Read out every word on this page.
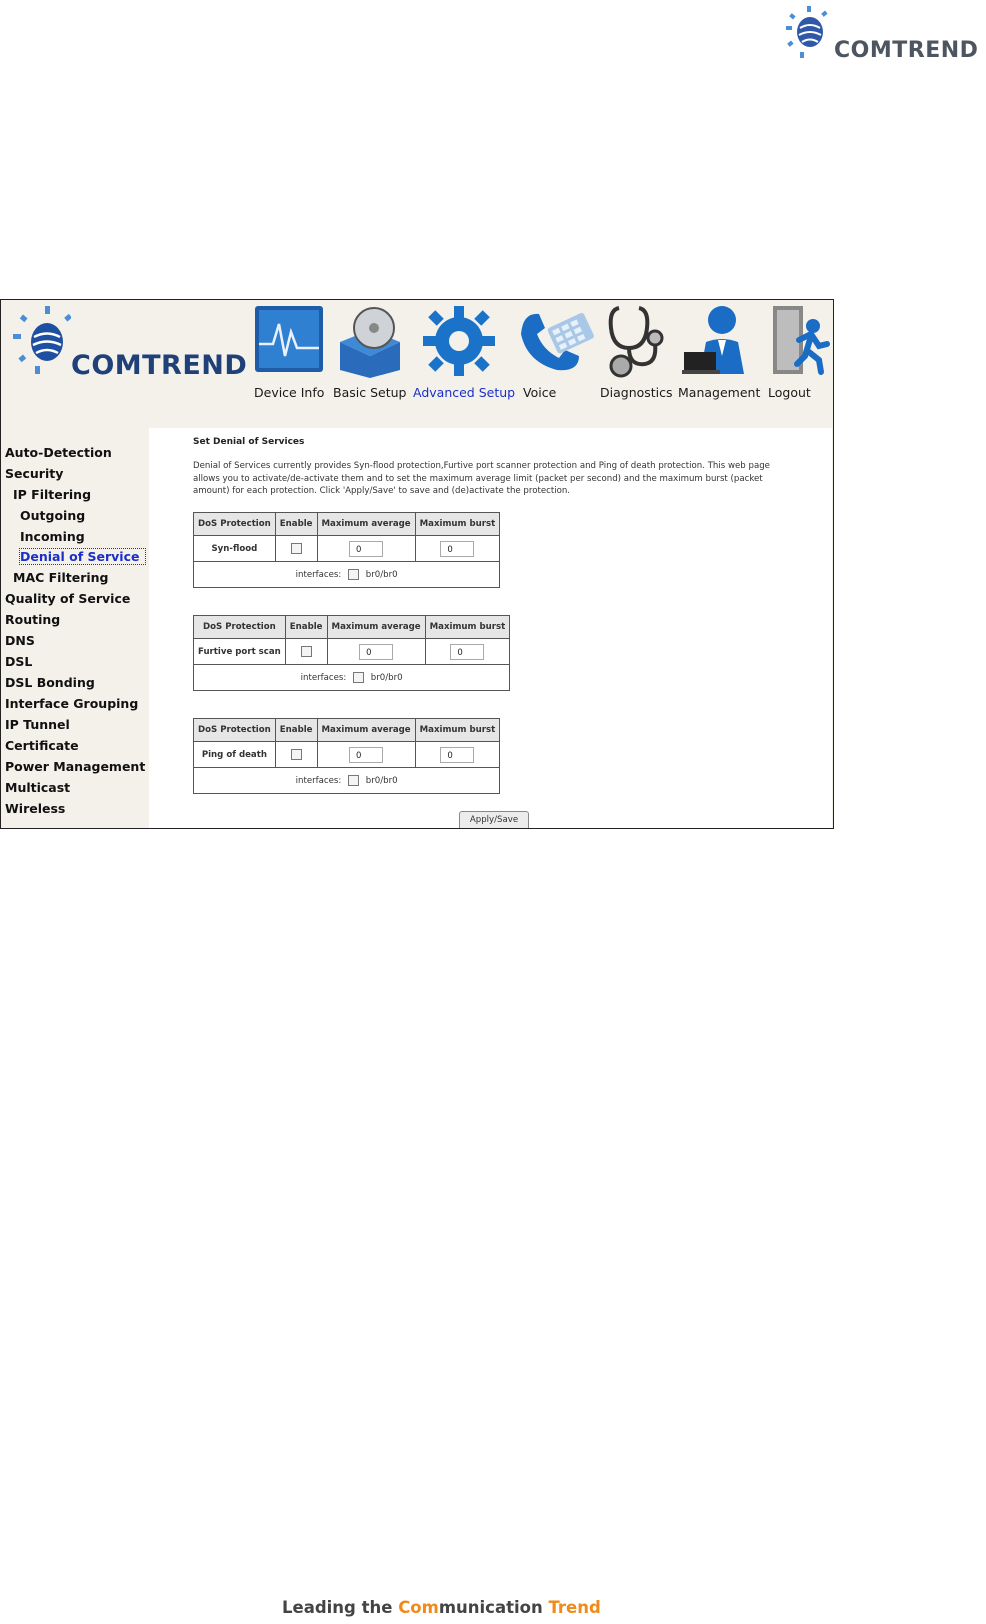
COMTREND
COMTREND
Device Info Basic Setup Advanced Setup Voice	Diagnostics Management Logout
Auto-Detection
Security
IP Filtering
Outgoing
Incoming
Denial of Service
MAC Filtering
Quality of Service
Routing
DNS
DSL
DSL Bonding
Interface Grouping
IP Tunnel
Certificate
Power Management
Multicast
Wireless
Set Denial of Services
Denial of Services currently provides Syn-flood protection,Furtive port scanner protection and Ping of death protection. This web page allows you to activate/de-activate them and to set the maximum average limit (packet per second) and the maximum burst (packet amount) for each protection. Click 'Apply/Save' to save and (de)activate the protection.
DoS Protection	Enable	Maximum average	Maximum burst
Syn-flood		0	0
interfaces: br0/br0			
DoS Protection	Enable	Maximum average	Maximum burst
Furtive port scan		0	0
interfaces: br0/br0			
DoS Protection	Enable	Maximum average	Maximum burst
Ping of death		0	0
interfaces: br0/br0			
Apply/Save
Leading the Communication Trend
